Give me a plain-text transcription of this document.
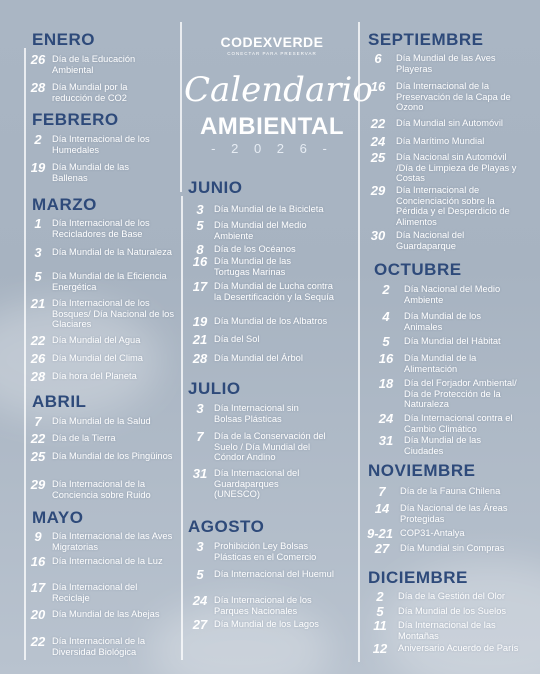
ENERO
26 Día de la Educación Ambiental
28 Día Mundial por la reducción de CO2
FEBRERO
2	Día Internacional de los Humedales
19 Día Mundial de las Ballenas
MARZO
1	Día Internacional de los Recicladores de Base
3	Día Mundial de la Naturaleza
5	Día Mundial de la Eficiencia Energética
21 Día Internacional de los Bosques/ Día Nacional de los Glaciares
22 Día Mundial del Agua
26 Día Mundial del Clima
28 Día hora del Planeta
ABRIL
7	Día Mundial de la Salud
22 Día de la Tierra
25 Día Mundial de los Pingüinos
29 Día Internacional de la Conciencia sobre Ruido
MAYO
9	Día Internacional de las Aves Migratorias
16 Día Internacional de la Luz
17 Día Internacional del Reciclaje
20 Día Mundial de las Abejas
22 Día Internacional de la Diversidad Biológica
CODEXVERDE
CONECTAR PARA PRESERVAR
Calendario
AMBIENTAL
- 2 0 2 6 -
JUNIO
3	Día Mundial de la Bicicleta
5	Día Mundial del Medio Ambiente
8	Día de los Océanos
16 Día Mundial de las Tortugas Marinas
17 Día Mundial de Lucha contra la Desertificación y la Sequía
19 Día Mundial de los Albatros
21 Día del Sol
28 Día Mundial del Árbol
JULIO
3	Día Internacional sin Bolsas Plásticas
7	Día de la Conservación del Suelo / Día Mundial del Cóndor Andino
31 Día Internacional del Guardaparques (UNESCO)
AGOSTO
3	Prohibición Ley Bolsas Plásticas en el Comercio
5	Día Internacional del Huemul
24 Día Internacional de los Parques Nacionales
27 Día Mundial de los Lagos
SEPTIEMBRE
6	Día Mundial de las Aves Playeras
16	Día Internacional de la Preservación de la Capa de Ozono
22	Día Mundial sin Automóvil
24	Día Marítimo Mundial
25	Día Nacional sin Automóvil /Día de Limpieza de Playas y Costas
29	Día Internacional de Concienciación sobre la Pérdida y el Desperdicio de Alimentos
30	Día Nacional del Guardaparque
OCTUBRE
2	Día Nacional del Medio Ambiente
4	Día Mundial de los Animales
5	Día Mundial del Hábitat
16	Día Mundial de la Alimentación
18	Día del Forjador Ambiental/ Día de Protección de la Naturaleza
24	Día Internacional contra el Cambio Climático
31	Día Mundial de las Ciudades
NOVIEMBRE
7	Día de la Fauna Chilena
14	Día Nacional de las Áreas Protegidas
9-21 COP31-Antalya
27	Día Mundial sin Compras
DICIEMBRE
2	Día de la Gestión del Olor
5	Día Mundial de los Suelos
11	Día Internacional de las Montañas
12	Aniversario Acuerdo de París
